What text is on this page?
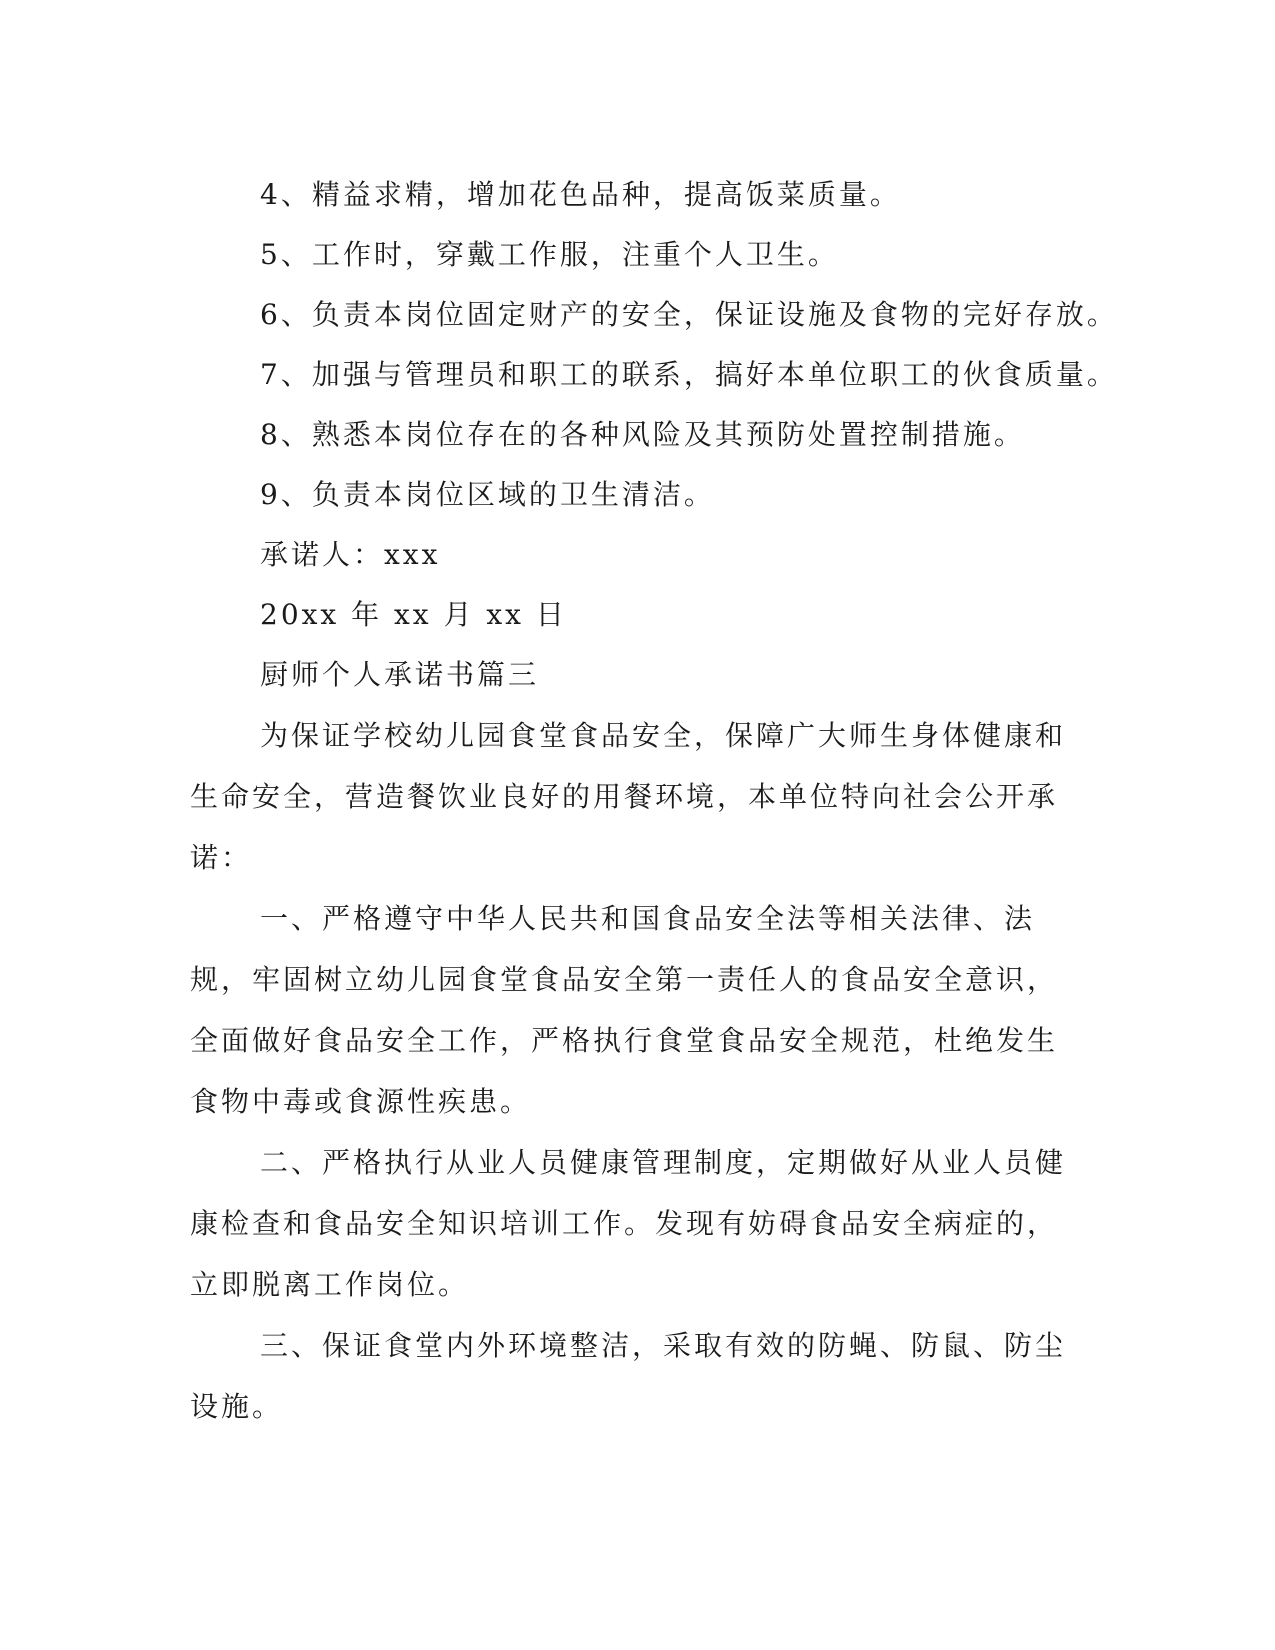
4、精益求精，增加花色品种，提高饭菜质量。
5、工作时，穿戴工作服，注重个人卫生。
6、负责本岗位固定财产的安全，保证设施及食物的完好存放。
7、加强与管理员和职工的联系，搞好本单位职工的伙食质量。
8、熟悉本岗位存在的各种风险及其预防处置控制措施。
9、负责本岗位区域的卫生清洁。
承诺人：xxx
20xx 年 xx 月 xx 日
厨师个人承诺书篇三

为保证学校幼儿园食堂食品安全，保障广大师生身体健康和生命安全，营造餐饮业良好的用餐环境，本单位特向社会公开承诺：

一、严格遵守中华人民共和国食品安全法等相关法律、法规，牢固树立幼儿园食堂食品安全第一责任人的食品安全意识，全面做好食品安全工作，严格执行食堂食品安全规范，杜绝发生食物中毒或食源性疾患。

二、严格执行从业人员健康管理制度，定期做好从业人员健康检查和食品安全知识培训工作。发现有妨碍食品安全病症的，立即脱离工作岗位。

三、保证食堂内外环境整洁，采取有效的防蝇、防鼠、防尘设施。
